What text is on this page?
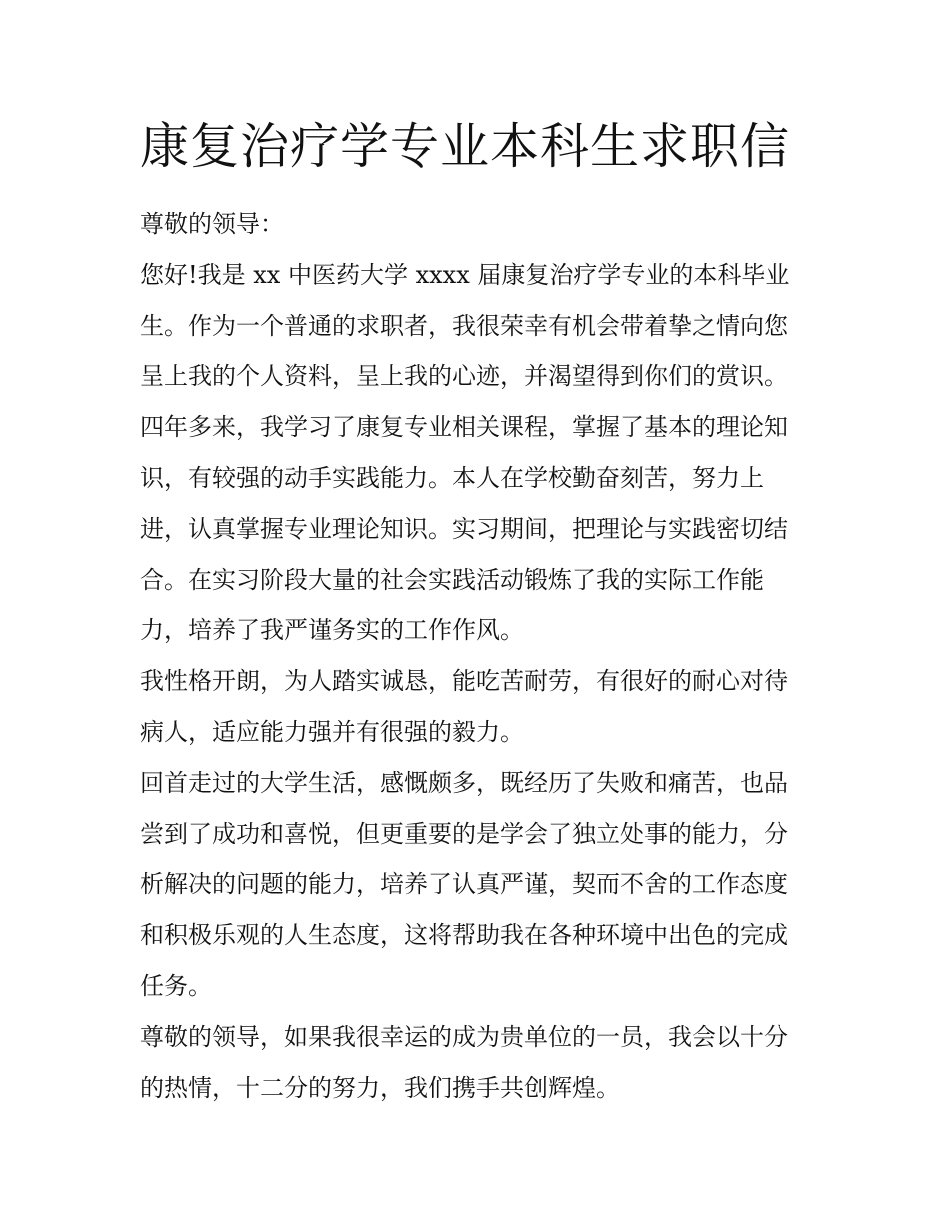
康复治疗学专业本科生求职信

尊敬的领导：

您好!我是 xx 中医药大学 xxxx 届康复治疗学专业的本科毕业
生。作为一个普通的求职者，我很荣幸有机会带着挚之情向您
呈上我的个人资料，呈上我的心迹，并渴望得到你们的赏识。

四年多来，我学习了康复专业相关课程，掌握了基本的理论知
识，有较强的动手实践能力。本人在学校勤奋刻苦，努力上
进，认真掌握专业理论知识。实习期间，把理论与实践密切结
合。在实习阶段大量的社会实践活动锻炼了我的实际工作能
力，培养了我严谨务实的工作作风。

我性格开朗，为人踏实诚恳，能吃苦耐劳，有很好的耐心对待
病人，适应能力强并有很强的毅力。

回首走过的大学生活，感慨颇多，既经历了失败和痛苦，也品
尝到了成功和喜悦，但更重要的是学会了独立处事的能力，分
析解决的问题的能力，培养了认真严谨，契而不舍的工作态度
和积极乐观的人生态度，这将帮助我在各种环境中出色的完成
任务。

尊敬的领导，如果我很幸运的成为贵单位的一员，我会以十分
的热情，十二分的努力，我们携手共创辉煌。
